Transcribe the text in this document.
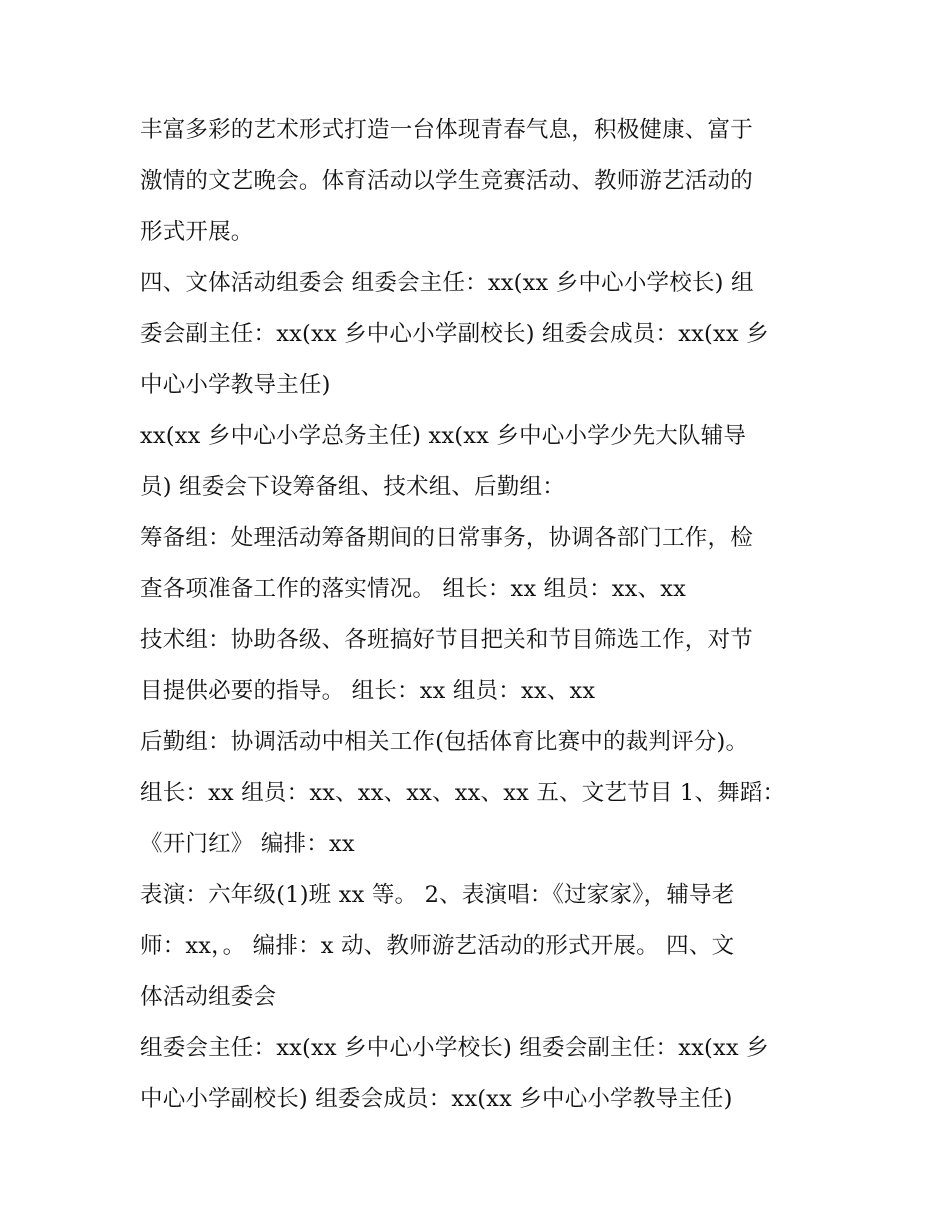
丰富多彩的艺术形式打造一台体现青春气息，积极健康、富于
激情的文艺晚会。体育活动以学生竞赛活动、教师游艺活动的
形式开展。
四、文体活动组委会 组委会主任：xx(xx 乡中心小学校长) 组
委会副主任：xx(xx 乡中心小学副校长) 组委会成员：xx(xx 乡
中心小学教导主任)
xx(xx 乡中心小学总务主任) xx(xx 乡中心小学少先大队辅导
员) 组委会下设筹备组、技术组、后勤组：
筹备组：处理活动筹备期间的日常事务，协调各部门工作，检
查各项准备工作的落实情况。 组长：xx 组员：xx、xx
技术组：协助各级、各班搞好节目把关和节目筛选工作，对节
目提供必要的指导。 组长：xx 组员：xx、xx
后勤组：协调活动中相关工作(包括体育比赛中的裁判评分)。
组长：xx 组员：xx、xx、xx、xx、xx 五、文艺节目 1、舞蹈：
《开门红》 编排：xx
表演：六年级(1)班 xx 等。 2、表演唱：《过家家》，辅导老
师：xx，。 编排：x 动、教师游艺活动的形式开展。 四、文
体活动组委会
组委会主任：xx(xx 乡中心小学校长) 组委会副主任：xx(xx 乡
中心小学副校长) 组委会成员：xx(xx 乡中心小学教导主任)
